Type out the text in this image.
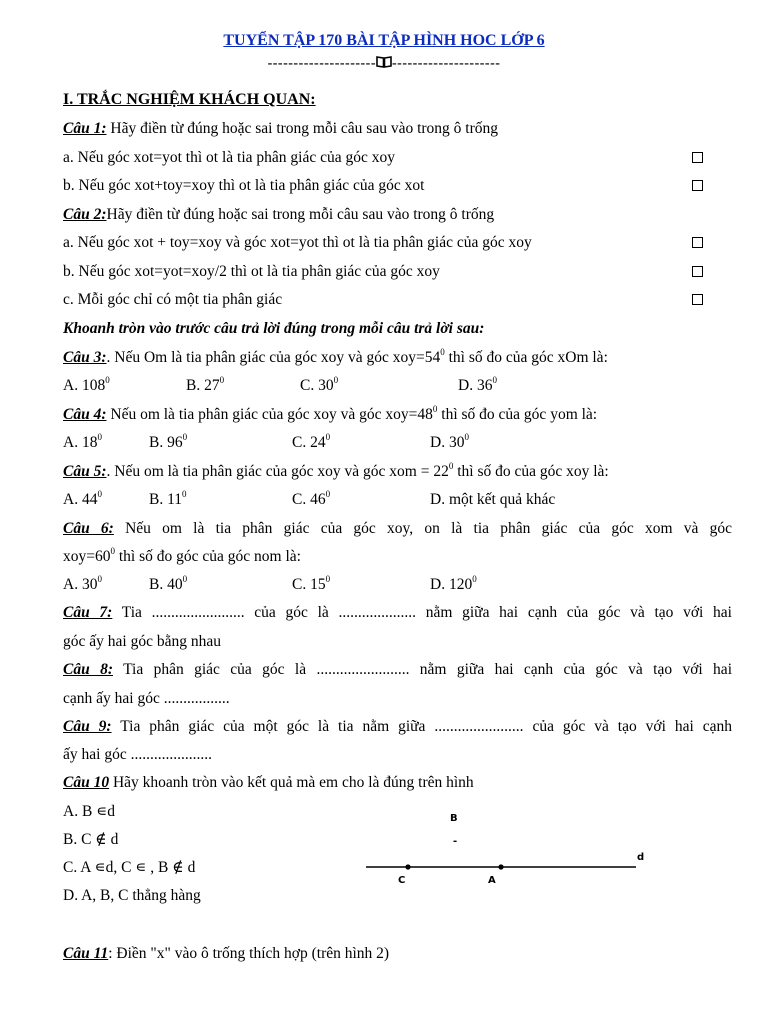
TUYỂN TẬP 170 BÀI TẬP HÌNH HOC LỚP 6
--------------------- ---------------------
I. TRẮC NGHIỆM KHÁCH QUAN:
Câu 1: Hãy điền từ đúng hoặc sai trong mỗi câu sau vào trong ô trống
a. Nếu góc xot=yot thì ot là tia phân giác của góc xoy
b. Nếu góc xot+toy=xoy thì ot là tia phân giác của góc xot
Câu 2:Hãy điền từ đúng hoặc sai trong mỗi câu sau vào trong ô trống
a. Nếu góc xot + toy=xoy và góc xot=yot thì ot là tia phân giác của góc xoy
b. Nếu góc xot=yot=xoy/2 thì ot là tia phân giác của góc xoy
c. Mỗi góc chỉ có một tia phân giác
Khoanh tròn vào trước câu trả lời đúng trong mỗi câu trả lời sau:
Câu 3:. Nếu Om là tia phân giác của góc xoy và góc $xoy=54^0$ thì số đo của góc xOm là:
A. $108^0$	B. $27^0$	C. $30^0$	D. $36^0$
Câu 4: Nếu om là tia phân giác của góc xoy và góc $xoy=48^0$ thì số đo của góc yom là:
A. $18^0$	B. $96^0$	C. $24^0$	D. $30^0$
Câu 5:. Nếu om là tia phân giác của góc xoy và góc xom = $22^0$ thì số đo của góc xoy là:
A. $44^0$	B. $11^0$	C. $46^0$	D. một kết quả khác
Câu 6: Nếu om là tia phân giác của góc xoy, on là tia phân giác của góc xom và góc
$xoy=60^0$ thì số đo góc của góc nom là:
A. $30^0$	B. $40^0$	C. $15^0$	D. $120^0$
Câu 7: Tia ........................ của góc là .................... nằm giữa hai cạnh của góc và tạo với hai
góc ấy hai góc bằng nhau
Câu 8: Tia phân giác của góc là ........................ nằm giữa hai cạnh của góc và tạo với hai
cạnh ấy hai góc .................
Câu 9: Tia phân giác của một góc là tia nằm giữa ....................... của góc và tạo với hai cạnh
ấy hai góc .....................
Câu 10 Hãy khoanh tròn vào kết quả mà em cho là đúng trên hình
A. B ∊d
B. C ∉ d
C. A ∊d, C ∊ , B ∉ d
D. A, B, C thẳng hàng
B
-
C	A
d
Câu 11: Điền "x" vào ô trống thích hợp (trên hình 2)
